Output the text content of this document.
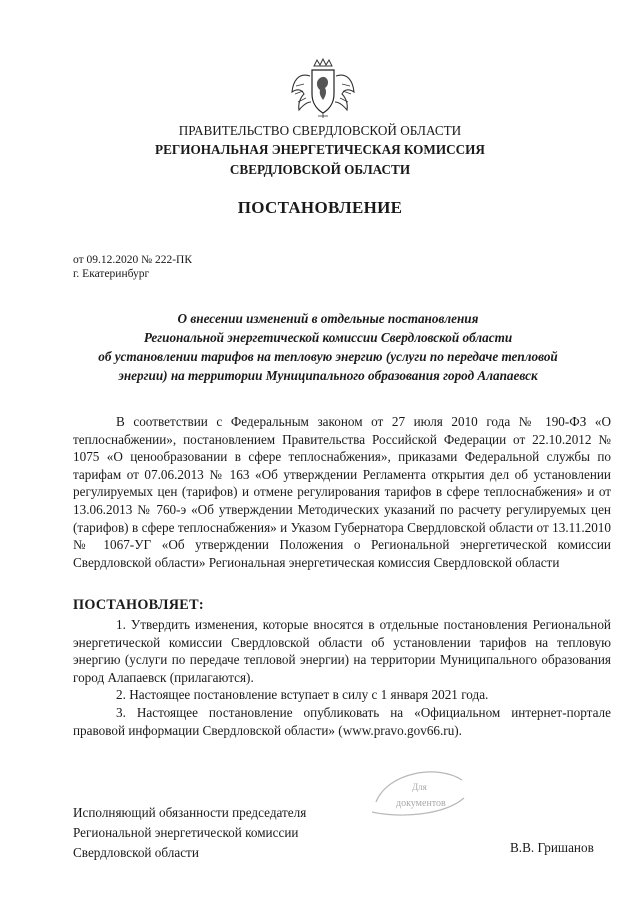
ПРАВИТЕЛЬСТВО СВЕРДЛОВСКОЙ ОБЛАСТИ
РЕГИОНАЛЬНАЯ ЭНЕРГЕТИЧЕСКАЯ КОМИССИЯ
СВЕРДЛОВСКОЙ ОБЛАСТИ
ПОСТАНОВЛЕНИЕ
от 09.12.2020 № 222-ПК
г. Екатеринбург
О внесении изменений в отдельные постановления
Региональной энергетической комиссии Свердловской области
об установлении тарифов на тепловую энергию (услуги по передаче тепловой
энергии) на территории Муниципального образования город Алапаевск
В соответствии с Федеральным законом от 27 июля 2010 года № 190-ФЗ «О теплоснабжении», постановлением Правительства Российской Федерации от 22.10.2012 № 1075 «О ценообразовании в сфере теплоснабжения», приказами Федеральной службы по тарифам от 07.06.2013 № 163 «Об утверждении Регламента открытия дел об установлении регулируемых цен (тарифов) и отмене регулирования тарифов в сфере теплоснабжения» и от 13.06.2013 № 760-э «Об утверждении Методических указаний по расчету регулируемых цен (тарифов) в сфере теплоснабжения» и Указом Губернатора Свердловской области от 13.11.2010 № 1067-УГ «Об утверждении Положения о Региональной энергетической комиссии Свердловской области» Региональная энергетическая комиссия Свердловской области
ПОСТАНОВЛЯЕТ:
1. Утвердить изменения, которые вносятся в отдельные постановления Региональной энергетической комиссии Свердловской области об установлении тарифов на тепловую энергию (услуги по передаче тепловой энергии) на территории Муниципального образования город Алапаевск (прилагаются).
2. Настоящее постановление вступает в силу с 1 января 2021 года.
3. Настоящее постановление опубликовать на «Официальном интернет-портале правовой информации Свердловской области» (www.pravo.gov66.ru).
Для
документов
Исполняющий обязанности председателя
Региональной энергетической комиссии
Свердловской области	В.В. Гришанов
